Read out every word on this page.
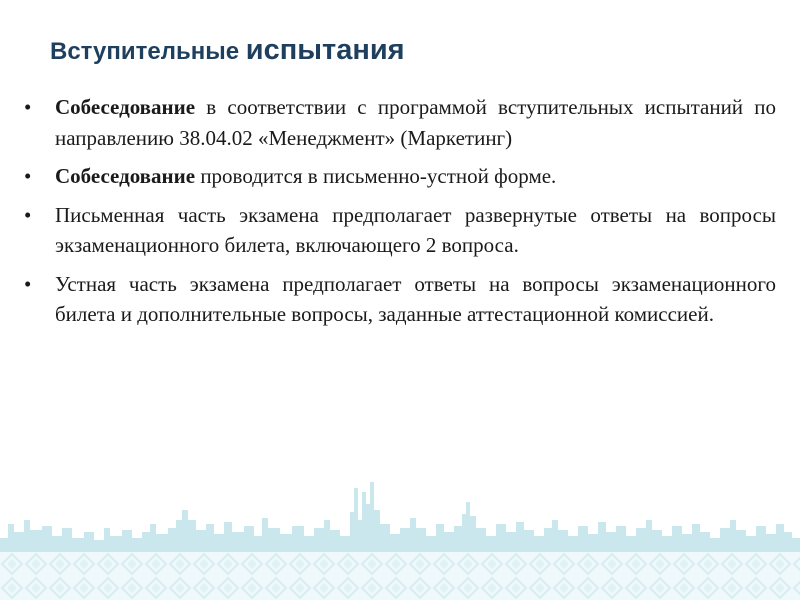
Вступительные испытания
• Собеседование в соответствии с программой вступительных испытаний по направлению 38.04.02 «Менеджмент» (Маркетинг)
• Собеседование проводится в письменно-устной форме.
• Письменная часть экзамена предполагает развернутые ответы на вопросы экзаменационного билета, включающего 2 вопроса.
• Устная часть экзамена предполагает ответы на вопросы экзаменационного билета и дополнительные вопросы, заданные аттестационной комиссией.
